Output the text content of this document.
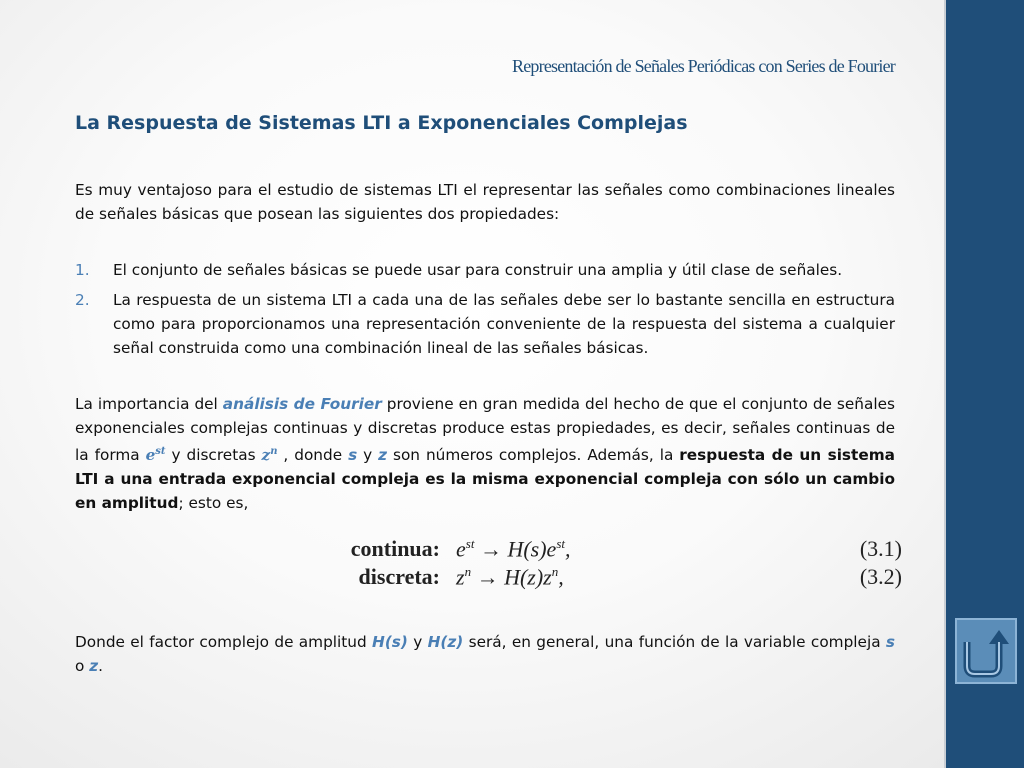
Representación de Señales Periódicas con Series de Fourier
La Respuesta de Sistemas LTI a Exponenciales Complejas

Es muy ventajoso para el estudio de sistemas LTI el representar las señales como combinaciones lineales de señales básicas que posean las siguientes dos propiedades:

1. El conjunto de señales básicas se puede usar para construir una amplia y útil clase de señales.
2. La respuesta de un sistema LTI a cada una de las señales debe ser lo bastante sencilla en estructura como para proporcionamos una representación conveniente de la respuesta del sistema a cualquier señal construida como una combinación lineal de las señales básicas.

La importancia del análisis de Fourier proviene en gran medida del hecho de que el conjunto de señales exponenciales complejas continuas y discretas produce estas propiedades, es decir, señales continuas de la forma $e^{st}$ y discretas $z^n$ , donde s y z son números complejos. Además, la respuesta de un sistema LTI a una entrada exponencial compleja es la misma exponencial compleja con sólo un cambio en amplitud; esto es,

continua: $e^{st} \to H(s)e^{st}$,	(3.1)
discreta: $z^n \to H(z)z^n$,	(3.2)

Donde el factor complejo de amplitud H(s) y H(z) será, en general, una función de la variable compleja s o z.
